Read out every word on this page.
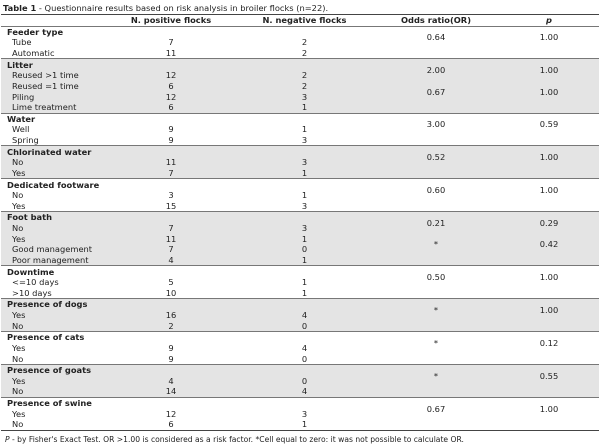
Table 1 - Questionnaire results based on risk analysis in broiler flocks (n=22).
	N. positive flocks	N. negative flocks	Odds ratio(OR)	p
Feeder type				
Tube	7	2	0.64	1.00
Automatic	11	2		
Litter				
Reused >1 time	12	2	2.00	1.00
Reused =1 time	6	2		
Piling	12	3	0.67	1.00
Lime treatment	6	1		
Water				
Well	9	1	3.00	0.59
Spring	9	3		
Chlorinated water				
No	11	3	0.52	1.00
Yes	7	1		
Dedicated footware				
No	3	1	0.60	1.00
Yes	15	3		
Foot bath				
No	7	3	0.21	0.29
Yes	11	1		
Good management	7	0	*	0.42
Poor management	4	1		
Downtime				
<=10 days	5	1	0.50	1.00
>10 days	10	1		
Presence of dogs				
Yes	16	4	*	1.00
No	2	0		
Presence of cats				
Yes	9	4	*	0.12
No	9	0		
Presence of goats				
Yes	4	0	*	0.55
No	14	4		
Presence of swine				
Yes	12	3	0.67	1.00
No	6	1		
P - by Fisher's Exact Test. OR >1.00 is considered as a risk factor. *Cell equal to zero: it was not possible to calculate OR.
